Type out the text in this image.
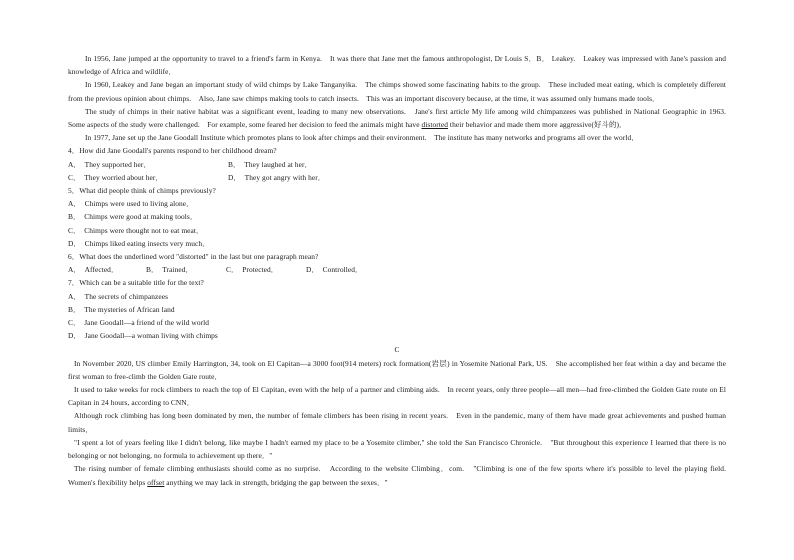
In 1956, Jane jumped at the opportunity to travel to a friend's farm in Kenya.　It was there that Jane met the famous anthropologist, Dr Louis S．B． Leakey.　Leakey was impressed with Jane's passion and knowledge of Africa and wildlife．

In 1960, Leakey and Jane began an important study of wild chimps by Lake Tanganyika.　The chimps showed some fascinating habits to the group.　These included meat eating, which is completely different from the previous opinion about chimps.　Also, Jane saw chimps making tools to catch insects.　This was an important discovery because, at the time, it was assumed only humans made tools．

The study of chimps in their native habitat was a significant event, leading to many new observations.　Jane's first article My life among wild chimpanzees was published in National Geographic in 1963.　Some aspects of the study were challenged.　For example, some feared her decision to feed the animals might have distorted their behavior and made them more aggressive(好斗的)．

In 1977, Jane set up the Jane Goodall Institute which promotes plans to look after chimps and their environment.　The institute has many networks and programs all over the world．

4．How did Jane Goodall's parents respond to her childhood dream?

A．　They supported her．	B．　They laughed at her．
C．　They worried about her．	D．　They got angry with her．

5．What did people think of chimps previously?

A．　Chimps were used to living alone．

B．　Chimps were good at making tools．

C．　Chimps were thought not to eat meat．

D．　Chimps liked eating insects very much．

6．What does the underlined word "distorted" in the last but one paragraph mean?

A．　Affected．	B．　Trained．	C．　Protected．	D．　Controlled．

7．Which can be a suitable title for the text?

A．　The secrets of chimpanzees

B．　The mysteries of African land

C．　Jane Goodall—a friend of the wild world

D．　Jane Goodall—a woman living with chimps

C

In November 2020, US climber Emily Harrington, 34, took on El Capitan—a 3000 foot(914 meters) rock formation(岩层) in Yosemite National Park, US.　She accomplished her feat within a day and became the first woman to free-climb the Golden Gate route．

It used to take weeks for rock climbers to reach the top of El Capitan, even with the help of a partner and climbing aids.　In recent years, only three people—all men—had free-climbed the Golden Gate route on El Capitan in 24 hours, according to CNN．

Although rock climbing has long been dominated by men, the number of female climbers has been rising in recent years.　Even in the pandemic, many of them have made great achievements and pushed human limits．

"I spent a lot of years feeling like I didn't belong, like maybe I hadn't earned my place to be a Yosemite climber," she told the San Francisco Chronicle.　"But throughout this experience I learned that there is no belonging or not belonging, no formula to achievement up there．"

The rising number of female climbing enthusiasts should come as no surprise.　According to the website Climbing．com.　"Climbing is one of the few sports where it's possible to level the playing field.　Women's flexibility helps offset anything we may lack in strength, bridging the gap between the sexes．"
